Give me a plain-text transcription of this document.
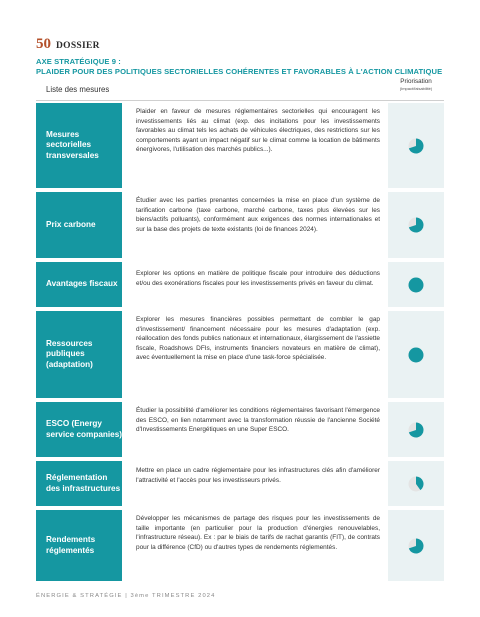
50 DOSSIER
AXE STRATÉGIQUE 9 :
PLAIDER POUR DES POLITIQUES SECTORIELLES COHÉRENTES ET FAVORABLES À L'ACTION CLIMATIQUE
Liste des mesures
Priorisation
(Impact/faisabilité)
Mesures sectorielles transversales
Plaider en faveur de mesures réglementaires sectorielles qui encouragent les investissements liés au climat (exp. des incitations pour les investissements favorables au climat tels les achats de véhicules électriques, des restrictions sur les comportements ayant un impact négatif sur le climat comme la location de bâtiments énergivores, l'utilisation des marchés publics...).
Prix carbone
Étudier avec les parties prenantes concernées la mise en place d'un système de tarification carbone (taxe carbone, marché carbone, taxes plus élevées sur les biens/actifs polluants), conformément aux exigences des normes internationales et sur la base des projets de texte existants (loi de finances 2024).
Avantages fiscaux
Explorer les options en matière de politique fiscale pour introduire des déductions et/ou des exonérations fiscales pour les investissements privés en faveur du climat.
Ressources publiques (adaptation)
Explorer les mesures financières possibles permettant de combler le gap d'investissement/ financement nécessaire pour les mesures d'adaptation (exp. réallocation des fonds publics nationaux et internationaux, élargissement de l'assiette fiscale, Roadshows DFIs, instruments financiers novateurs en matière de climat), avec éventuellement la mise en place d'une task-force spécialisée.
ESCO (Energy service companies)
Étudier la possibilité d'améliorer les conditions réglementaires favorisant l'émergence des ESCO, en lien notamment avec la transformation réussie de l'ancienne Société d'Investissements Energétiques en une Super ESCO.
Réglementation des infrastructures
Mettre en place un cadre réglementaire pour les infrastructures clés afin d'améliorer l'attractivité et l'accès pour les investisseurs privés.
Rendements réglementés
Développer les mécanismes de partage des risques pour les investissements de taille importante (en particulier pour la production d'énergies renouvelables, l'infrastructure réseau). Ex : par le biais de tarifs de rachat garantis (FIT), de contrats pour la différence (CfD) ou d'autres types de rendements réglementés.
ÉNERGIE & STRATÉGIE | 3ème TRIMESTRE 2024
